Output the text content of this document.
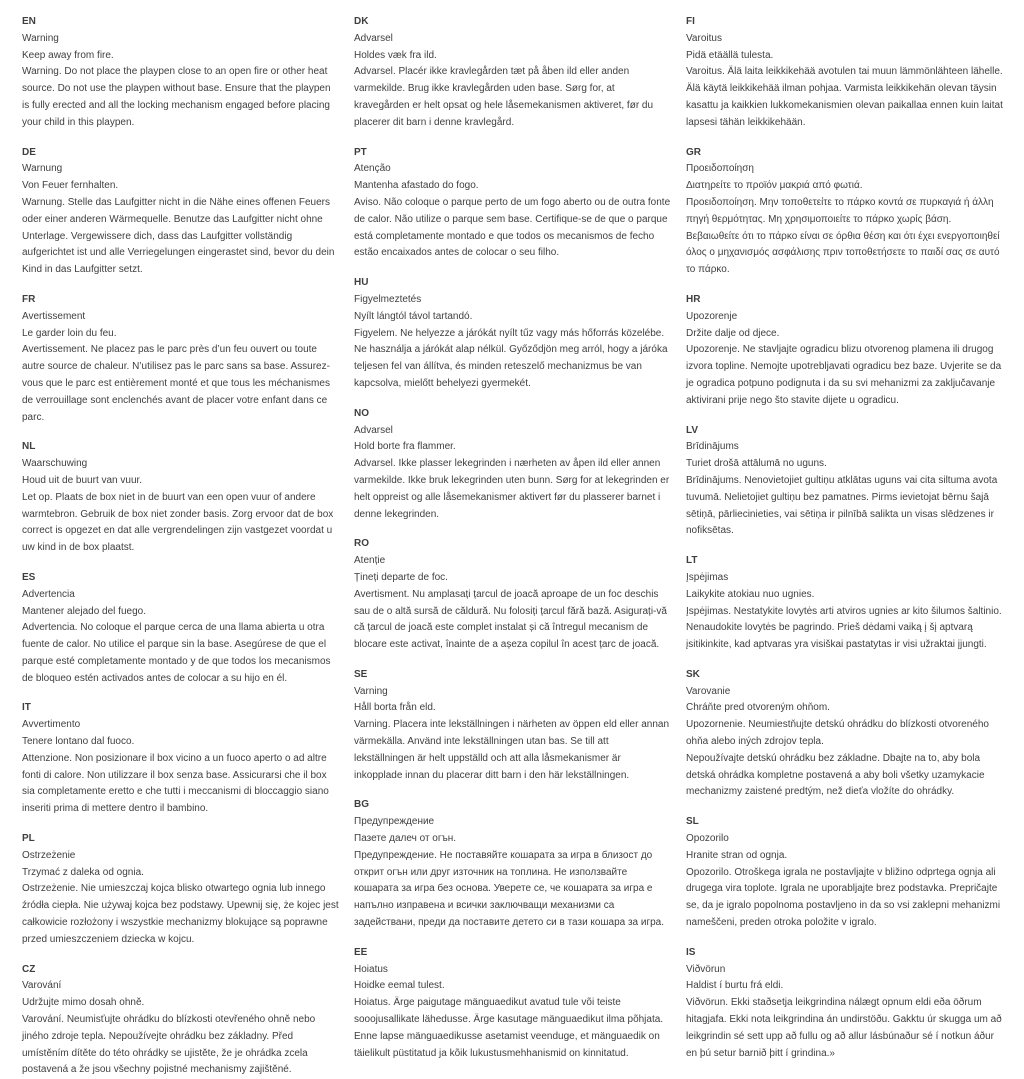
EN

Warning

Keep away from fire.

Warning. Do not place the playpen close to an open fire or other heat source. Do not use the playpen without base. Ensure that the playpen is fully erected and all the locking mechanism engaged before placing your child in this playpen.

DE

Warnung

Von Feuer fernhalten.

Warnung. Stelle das Laufgitter nicht in die Nähe eines offenen Feuers oder einer anderen Wärmequelle. Benutze das Laufgitter nicht ohne Unterlage. Vergewissere dich, dass das Laufgitter vollständig aufgerichtet ist und alle Verriegelungen eingerastet sind, bevor du dein Kind in das Laufgitter setzt.

FR

Avertissement

Le garder loin du feu.

Avertissement. Ne placez pas le parc près d’un feu ouvert ou toute autre source de chaleur. N’utilisez pas le parc sans sa base. Assurez-vous que le parc est entièrement monté et que tous les méchanismes de verrouillage sont enclenchés avant de placer votre enfant dans ce parc.

NL

Waarschuwing

Houd uit de buurt van vuur.

Let op. Plaats de box niet in de buurt van een open vuur of andere warmtebron. Gebruik de box niet zonder basis. Zorg ervoor dat de box correct is opgezet en dat alle vergrendelingen zijn vastgezet voordat u uw kind in de box plaatst.

ES

Advertencia

Mantener alejado del fuego.

Advertencia. No coloque el parque cerca de una llama abierta u otra fuente de calor. No utilice el parque sin la base. Asegúrese de que el parque esté completamente montado y de que todos los mecanismos de bloqueo estén activados antes de colocar a su hijo en él.

IT

Avvertimento

Tenere lontano dal fuoco.

Attenzione. Non posizionare il box vicino a un fuoco aperto o ad altre fonti di calore. Non utilizzare il box senza base. Assicurarsi che il box sia completamente eretto e che tutti i meccanismi di bloccaggio siano inseriti prima di mettere dentro il bambino.

PL

Ostrzeżenie

Trzymać z daleka od ognia.

Ostrzeżenie. Nie umieszczaj kojca blisko otwartego ognia lub innego źródła ciepła. Nie używaj kojca bez podstawy. Upewnij się, że kojec jest całkowicie rozłożony i wszystkie mechanizmy blokujące są poprawne przed umieszczeniem dziecka w kojcu.

CZ

Varování

Udržujte mimo dosah ohně.

Varování. Neumisťujte ohrádku do blízkosti otevřeného ohně nebo jiného zdroje tepla. Nepoužívejte ohrádku bez základny. Před umístěním dítěte do této ohrádky se ujistěte, že je ohrádka zcela postavená a že jsou všechny pojistné mechanismy zajištěné.

DK

Advarsel

Holdes væk fra ild.

Advarsel. Placér ikke kravlegården tæt på åben ild eller anden varmekilde. Brug ikke kravlegården uden base. Sørg for, at kravegården er helt opsat og hele låsemekanismen aktiveret, før du placerer dit barn i denne kravlegård.

PT

Atenção

Mantenha afastado do fogo.

Aviso. Não coloque o parque perto de um fogo aberto ou de outra fonte de calor. Não utilize o parque sem base. Certifique-se de que o parque está completamente montado e que todos os mecanismos de fecho estão encaixados antes de colocar o seu filho.

HU

Figyelmeztetés

Nyílt lángtól távol tartandó.

Figyelem. Ne helyezze a járókát nyílt tűz vagy más hőforrás közelébe. Ne használja a járókát alap nélkül. Győződjön meg arról, hogy a járóka teljesen fel van állítva, és minden reteszelő mechanizmus be van kapcsolva, mielőtt behelyezi gyermekét.

NO

Advarsel

Hold borte fra flammer.

Advarsel. Ikke plasser lekegrinden i nærheten av åpen ild eller annen varmekilde. Ikke bruk lekegrinden uten bunn. Sørg for at lekegrinden er helt oppreist og alle låsemekanismer aktivert før du plasserer barnet i denne lekegrinden.

RO

Atenție

Țineți departe de foc.

Avertisment. Nu amplasați țarcul de joacă aproape de un foc deschis sau de o altă sursă de căldură. Nu folosiți țarcul fără bază. Asigurați-vă că țarcul de joacă este complet instalat și că întregul mecanism de blocare este activat, înainte de a așeza copilul în acest țarc de joacă.

SE

Varning

Håll borta från eld.

Varning. Placera inte lekställningen i närheten av öppen eld eller annan värmekälla. Använd inte lekställningen utan bas. Se till att lekställningen är helt uppställd och att alla låsmekanismer är inkopplade innan du placerar ditt barn i den här lekställningen.

BG

Предупреждение

Пазете далеч от огън.

Предупреждение. Не поставяйте кошарата за игра в близост до открит огън или друг източник на топлина. Не използвайте кошарата за игра без основа. Уверете се, че кошарата за игра е напълно изправена и всички заключващи механизми са задействани, преди да поставите детето си в тази кошара за игра.

EE

Hoiatus

Hoidke eemal tulest.

Hoiatus. Ärge paigutage mänguaedikut avatud tule või teiste sooojusallikate lähedusse. Ärge kasutage mänguaedikut ilma põhjata. Enne lapse mänguaedikusse asetamist veenduge, et mänguaedik on täielikult püstitatud ja kõik lukustusmehhanismid on kinnitatud.

FI

Varoitus

Pidä etäällä tulesta.

Varoitus. Älä laita leikkikehää avotulen tai muun lämmönlähteen lähelle. Älä käytä leikkikehää ilman pohjaa. Varmista leikkikehän olevan täysin kasattu ja kaikkien lukkomekanismien olevan paikallaa ennen kuin laitat lapsesi tähän leikkikehään.

GR

Προειδοποίηση

Διατηρείτε το προϊόν μακριά από φωτιά.

Προειδοποίηση. Μην τοποθετείτε το πάρκο κοντά σε πυρκαγιά ή άλλη πηγή θερμότητας. Μη χρησιμοποιείτε το πάρκο χωρίς βάση. Βεβαιωθείτε ότι το πάρκο είναι σε όρθια θέση και ότι έχει ενεργοποιηθεί όλος ο μηχανισμός ασφάλισης πριν τοποθετήσετε το παιδί σας σε αυτό το πάρκο.

HR

Upozorenje

Držite dalje od djece.

Upozorenje. Ne stavljajte ogradicu blizu otvorenog plamena ili drugog izvora topline. Nemojte upotrebljavati ogradicu bez baze. Uvjerite se da je ogradica potpuno podignuta i da su svi mehanizmi za zaključavanje aktivirani prije nego što stavite dijete u ogradicu.

LV

Brīdinājums

Turiet drošā attālumā no uguns.

Brīdinājums. Nenovietojiet gultiņu atklātas uguns vai cita siltuma avota tuvumā. Nelietojiet gultiņu bez pamatnes. Pirms ievietojat bērnu šajā sētiņā, pārliecinieties, vai sētiņa ir pilnībā salikta un visas slēdzenes ir nofiksētas.

LT

Įspėjimas

Laikykite atokiau nuo ugnies.

Įspėjimas. Nestatykite lovytės arti atviros ugnies ar kito šilumos šaltinio. Nenaudokite lovytės be pagrindo. Prieš dėdami vaiką į šį aptvarą įsitikinkite, kad aptvaras yra visiškai pastatytas ir visi užraktai įjungti.

SK

Varovanie

Chráňte pred otvoreným ohňom.

Upozornenie. Neumiestňujte detskú ohrádku do blízkosti otvoreného ohňa alebo iných zdrojov tepla.

Nepoužívajte detskú ohrádku bez základne. Dbajte na to, aby bola detská ohrádka kompletne postavená a aby boli všetky uzamykacie mechanizmy zaistené predtým, než dieťa vložíte do ohrádky.

SL

Opozorilo

Hranite stran od ognja.

Opozorilo. Otroškega igrala ne postavljajte v bližino odprtega ognja ali drugega vira toplote. Igrala ne uporabljajte brez podstavka. Prepričajte se, da je igralo popolnoma postavljeno in da so vsi zaklepni mehanizmi nameščeni, preden otroka položite v igralo.

IS

Viðvörun

Haldist í burtu frá eldi.

Viðvörun. Ekki staðsetja leikgrindina nálægt opnum eldi eða öðrum hitagjafa. Ekki nota leikgrindina án undirstöðu. Gakktu úr skugga um að leikgrindin sé sett upp að fullu og að allur lásbúnaður sé í notkun áður en þú setur barnið þitt í grindina.»
